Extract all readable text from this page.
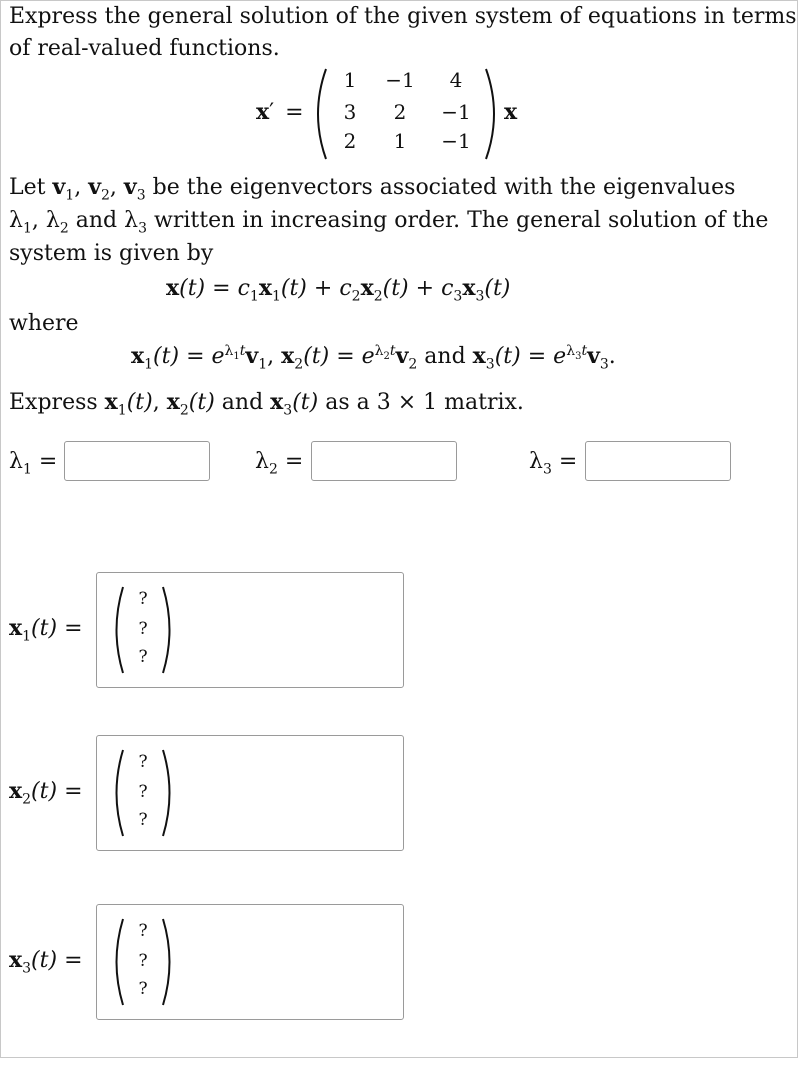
Express the general solution of the given system of equations in terms
of real-valued functions.
x′ =
1	−1	4
3	2	−1
2	1	−1
x
Let $v_1$, $v_2$, $v_3$ be the eigenvectors associated with the eigenvalues
$\lambda_1$, $\lambda_2$ and $\lambda_3$ written in increasing order. The general solution of the
system is given by
$x(t) = c_1x_1(t) + c_2x_2(t) + c_3x_3(t)$
where
$x_1(t) = e^{\lambda_1t}v_1$, $x_2(t) = e^{\lambda_2t}v_2$ and $x_3(t) = e^{\lambda_3t}v_3$.
Express $x_1(t)$, $x_2(t)$ and $x_3(t)$ as a 3 × 1 matrix.
$\lambda_1$ =	$\lambda_2$ =	$\lambda_3$ =
$x_1(t)$ =
?
?
?
$x_2(t)$ =
?
?
?
$x_3(t)$ =
?
?
?
